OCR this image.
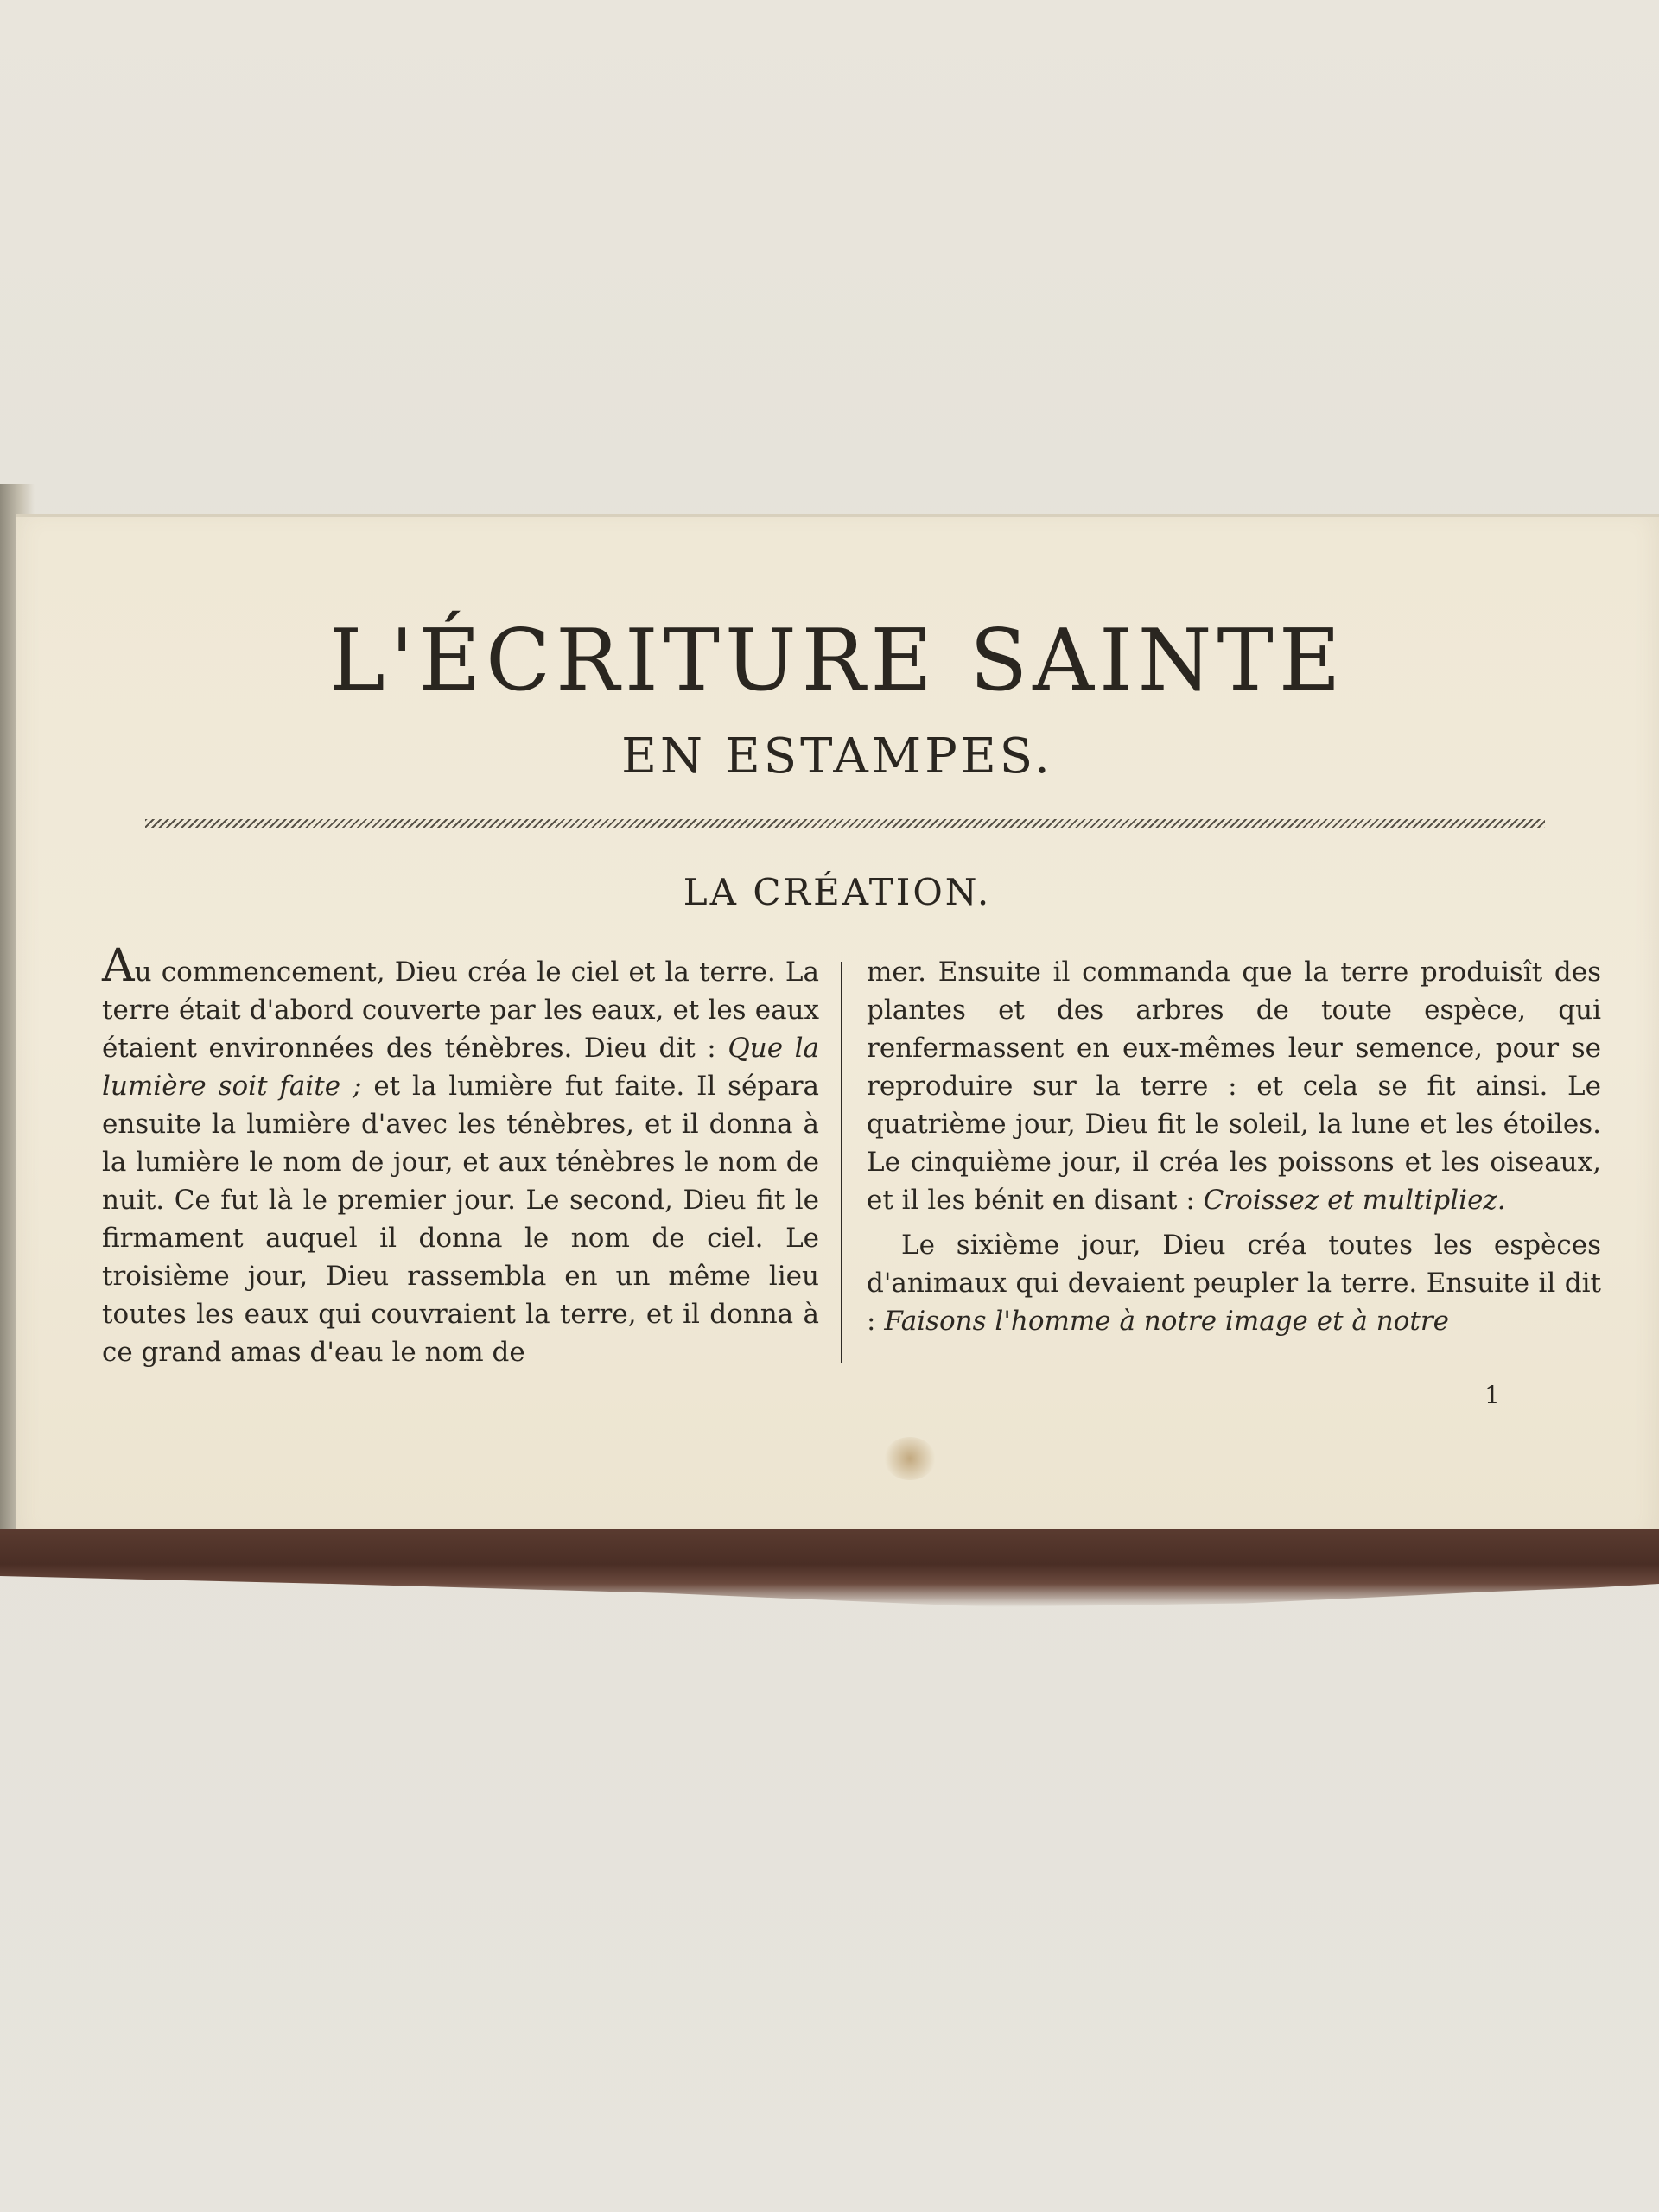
L'ÉCRITURE SAINTE
EN ESTAMPES.
LA CRÉATION.

Au commencement, Dieu créa le ciel et la terre. La terre était d'abord couverte par les eaux, et les eaux étaient environnées des ténèbres. Dieu dit : Que la lumière soit faite ; et la lumière fut faite. Il sépara ensuite la lumière d'avec les ténèbres, et il donna à la lumière le nom de jour, et aux ténèbres le nom de nuit. Ce fut là le premier jour. Le second, Dieu fit le firmament auquel il donna le nom de ciel. Le troisième jour, Dieu rassembla en un même lieu toutes les eaux qui couvraient la terre, et il donna à ce grand amas d'eau le nom de

mer. Ensuite il commanda que la terre produisît des plantes et des arbres de toute espèce, qui renfermassent en eux-mêmes leur semence, pour se reproduire sur la terre : et cela se fit ainsi. Le quatrième jour, Dieu fit le soleil, la lune et les étoiles. Le cinquième jour, il créa les poissons et les oiseaux, et il les bénit en disant : Croissez et multipliez.

Le sixième jour, Dieu créa toutes les espèces d'animaux qui devaient peupler la terre. Ensuite il dit : Faisons l'homme à notre image et à notre

1
